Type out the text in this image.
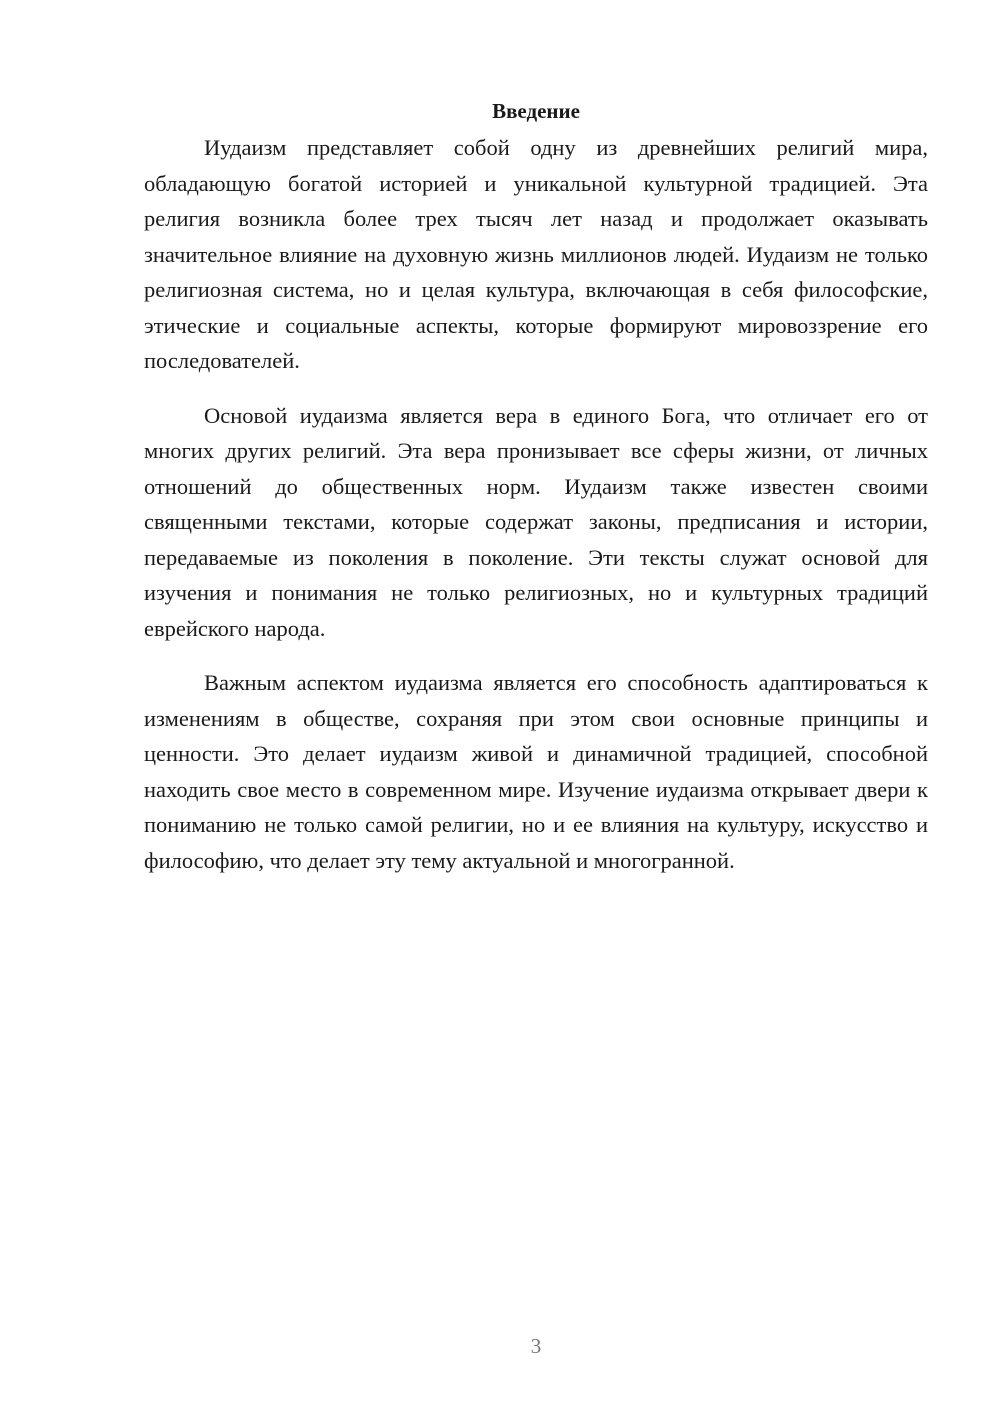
Введение

Иудаизм представляет собой одну из древнейших религий мира, обладающую богатой историей и уникальной культурной традицией. Эта религия возникла более трех тысяч лет назад и продолжает оказывать значительное влияние на духовную жизнь миллионов людей. Иудаизм не только религиозная система, но и целая культура, включающая в себя философские, этические и социальные аспекты, которые формируют мировоззрение его последователей.

Основой иудаизма является вера в единого Бога, что отличает его от многих других религий. Эта вера пронизывает все сферы жизни, от личных отношений до общественных норм. Иудаизм также известен своими священными текстами, которые содержат законы, предписания и истории, передаваемые из поколения в поколение. Эти тексты служат основой для изучения и понимания не только религиозных, но и культурных традиций еврейского народа.

Важным аспектом иудаизма является его способность адаптироваться к изменениям в обществе, сохраняя при этом свои основные принципы и ценности. Это делает иудаизм живой и динамичной традицией, способной находить свое место в современном мире. Изучение иудаизма открывает двери к пониманию не только самой религии, но и ее влияния на культуру, искусство и философию, что делает эту тему актуальной и многогранной.

3
